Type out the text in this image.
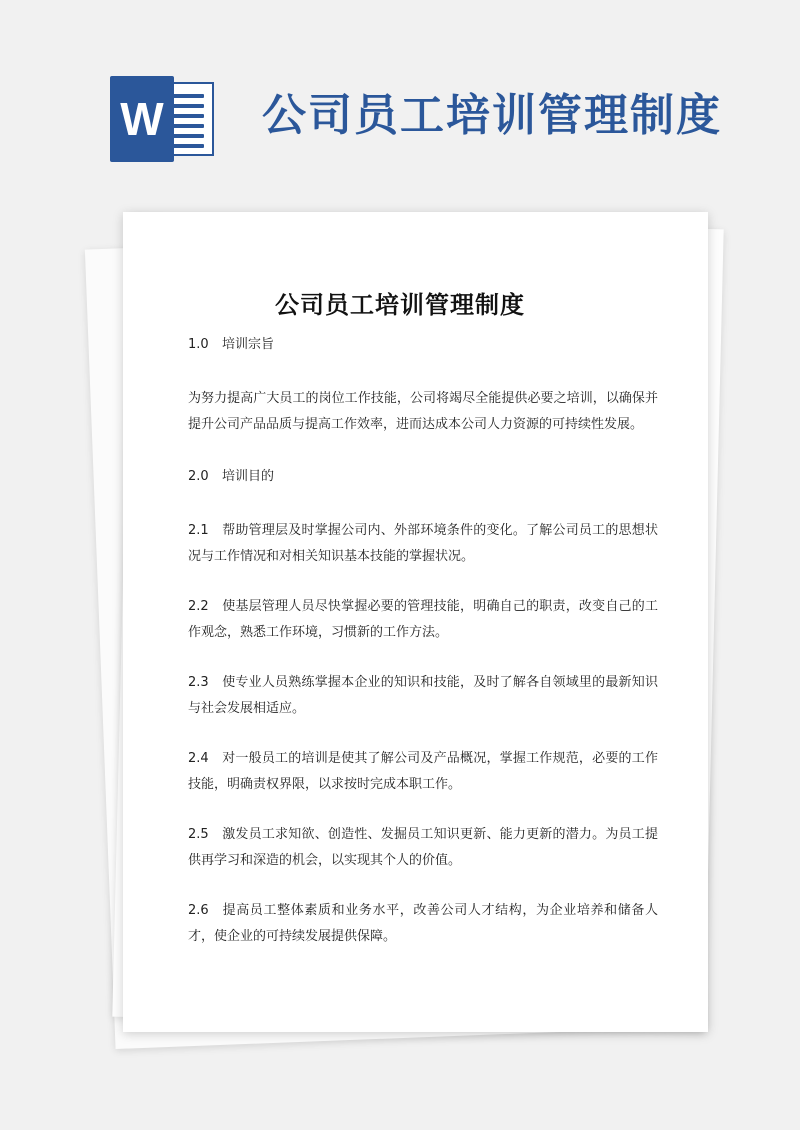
W 公司员工培训管理制度
公司员工培训管理制度
1.0 培训宗旨

为努力提高广大员工的岗位工作技能，公司将竭尽全能提供必要之培训，以确保并提升公司产品品质与提高工作效率，进而达成本公司人力资源的可持续性发展。

2.0 培训目的

2.1 帮助管理层及时掌握公司内、外部环境条件的变化。了解公司员工的思想状况与工作情况和对相关知识基本技能的掌握状况。

2.2 使基层管理人员尽快掌握必要的管理技能，明确自己的职责，改变自己的工作观念，熟悉工作环境，习惯新的工作方法。

2.3 使专业人员熟练掌握本企业的知识和技能，及时了解各自领域里的最新知识与社会发展相适应。

2.4 对一般员工的培训是使其了解公司及产品概况，掌握工作规范，必要的工作技能，明确责权界限，以求按时完成本职工作。

2.5 激发员工求知欲、创造性、发掘员工知识更新、能力更新的潜力。为员工提供再学习和深造的机会，以实现其个人的价值。

2.6 提高员工整体素质和业务水平，改善公司人才结构，为企业培养和储备人才，使企业的可持续发展提供保障。
